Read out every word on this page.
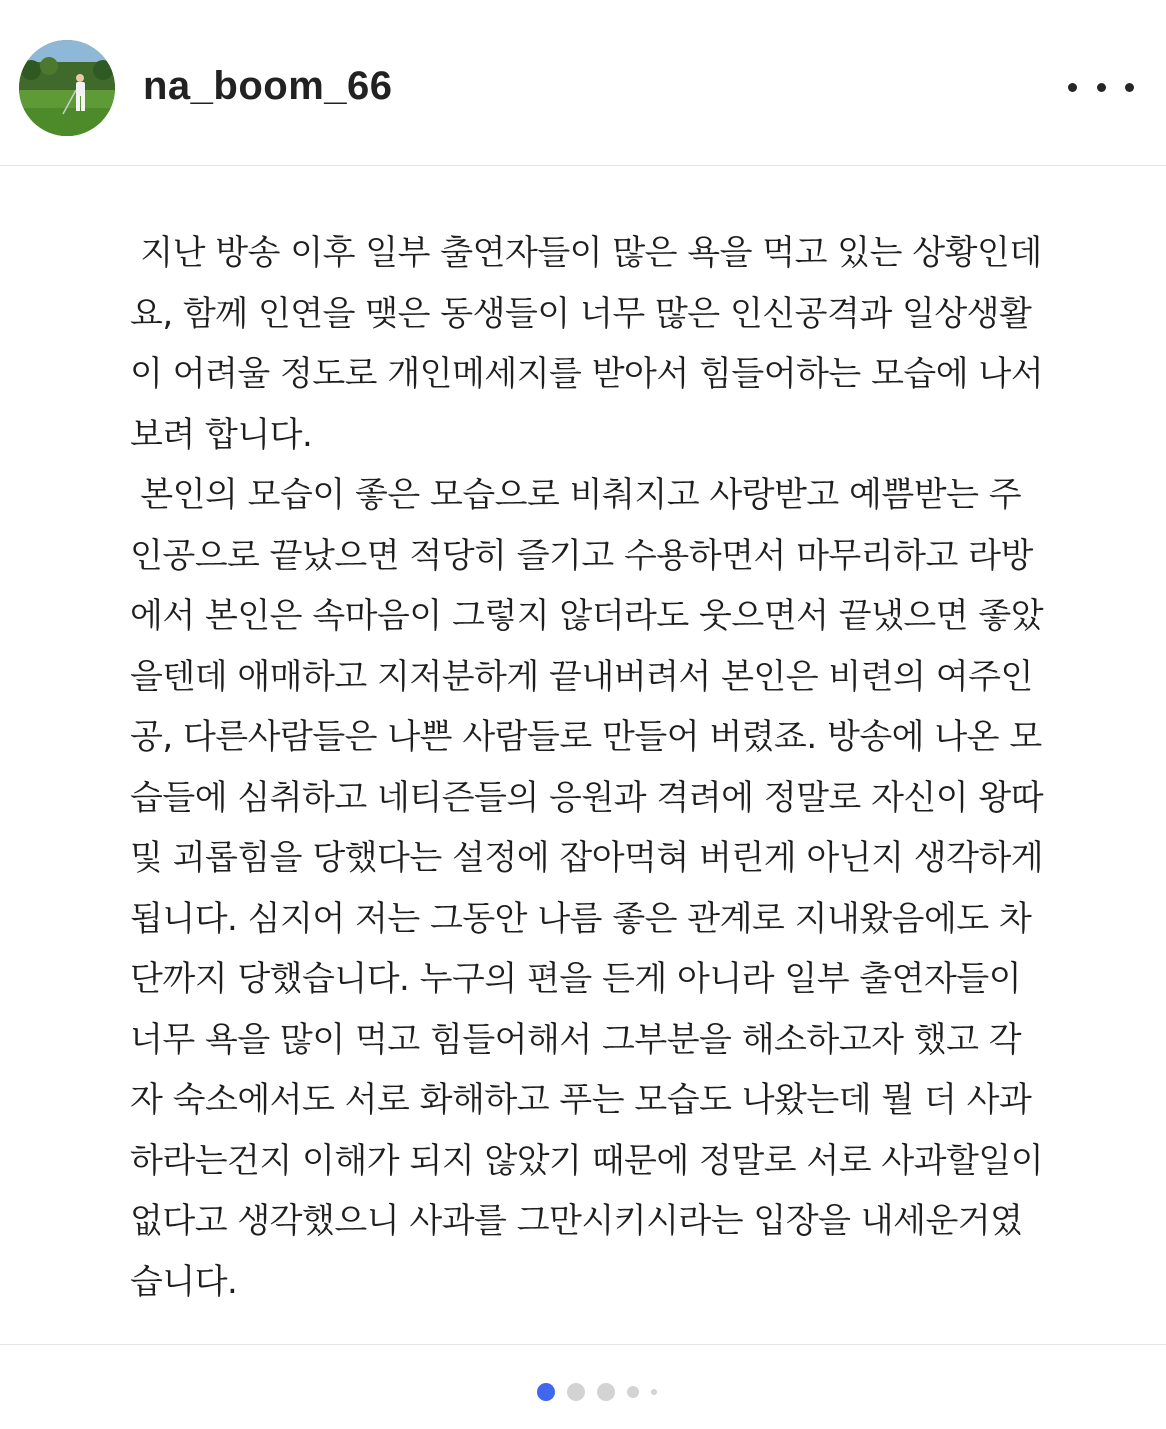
na_boom_66
지난 방송 이후 일부 출연자들이 많은 욕을 먹고 있는 상황인데
요, 함께 인연을 맺은 동생들이 너무 많은 인신공격과 일상생활
이 어려울 정도로 개인메세지를 받아서 힘들어하는 모습에 나서
보려 합니다.
본인의 모습이 좋은 모습으로 비춰지고 사랑받고 예쁨받는 주
인공으로 끝났으면 적당히 즐기고 수용하면서 마무리하고 라방
에서 본인은 속마음이 그렇지 않더라도 웃으면서 끝냈으면 좋았
을텐데 애매하고 지저분하게 끝내버려서 본인은 비련의 여주인
공, 다른사람들은 나쁜 사람들로 만들어 버렸죠. 방송에 나온 모
습들에 심취하고 네티즌들의 응원과 격려에 정말로 자신이 왕따
및 괴롭힘을 당했다는 설정에 잡아먹혀 버린게 아닌지 생각하게
됩니다. 심지어 저는 그동안 나름 좋은 관계로 지내왔음에도 차
단까지 당했습니다. 누구의 편을 든게 아니라 일부 출연자들이
너무 욕을 많이 먹고 힘들어해서 그부분을 해소하고자 했고 각
자 숙소에서도 서로 화해하고 푸는 모습도 나왔는데 뭘 더 사과
하라는건지 이해가 되지 않았기 때문에 정말로 서로 사과할일이
없다고 생각했으니 사과를 그만시키시라는 입장을 내세운거였
습니다.
